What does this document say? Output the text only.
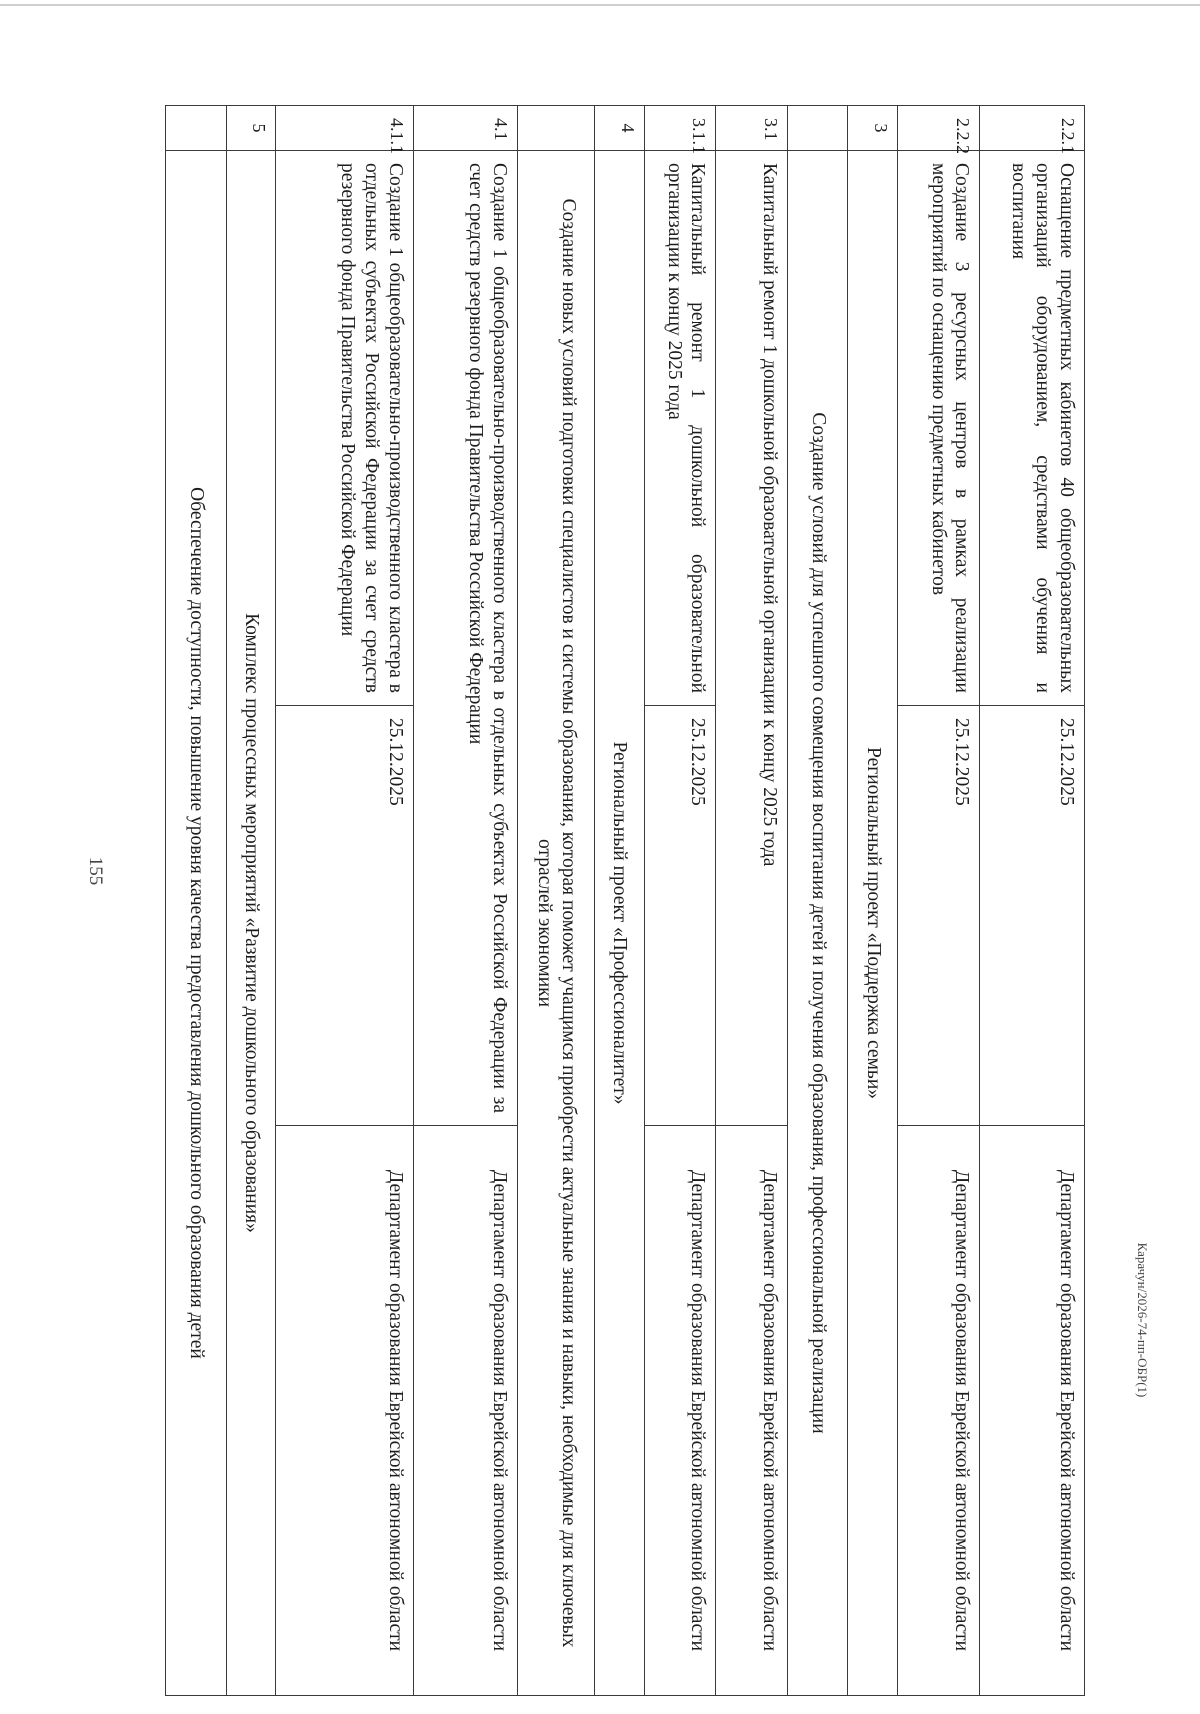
155
Карачун/2026-74-пп-ОБР(1)
2.2.1	Оснащение предметных кабинетов 40 общеобразовательных организаций оборудованием, средствами обучения и воспитания	25.12.2025	Департамент образования Еврейской автономной области
2.2.2	Создание 3 ресурсных центров в рамках реализации мероприятий по оснащению предметных кабинетов	25.12.2025	Департамент образования Еврейской автономной области
3	Региональный проект «Поддержка семьи»		
	Создание условий для успешного совмещения воспитания детей и получения образования, профессиональной реализации		
3.1	Капитальный ремонт 1 дошкольной образовательной организации к концу 2025 года		Департамент образования Еврейской автономной области
3.1.1	Капитальный ремонт 1 дошкольной образовательной организации к концу 2025 года	25.12.2025	Департамент образования Еврейской автономной области
4	Региональный проект «Профессионалитет»		
	Создание новых условий подготовки специалистов и системы образования, которая поможет учащимся приобрести актуальные знания и навыки, необходимые для ключевых отраслей экономики		
4.1	Создание 1 общеобразовательно-производственного кластера в отдельных субъектах Российской Федерации за счет средств резервного фонда Правительства Российской Федерации		Департамент образования Еврейской автономной области
4.1.1	Создание 1 общеобразовательно-производственного кластера в отдельных субъектах Российской Федерации за счет средств резервного фонда Правительства Российской Федерации	25.12.2025	Департамент образования Еврейской автономной области
5	Комплекс процессных мероприятий «Развитие дошкольного образования»		
	Обеспечение доступности, повышение уровня качества предоставления дошкольного образования детей		
